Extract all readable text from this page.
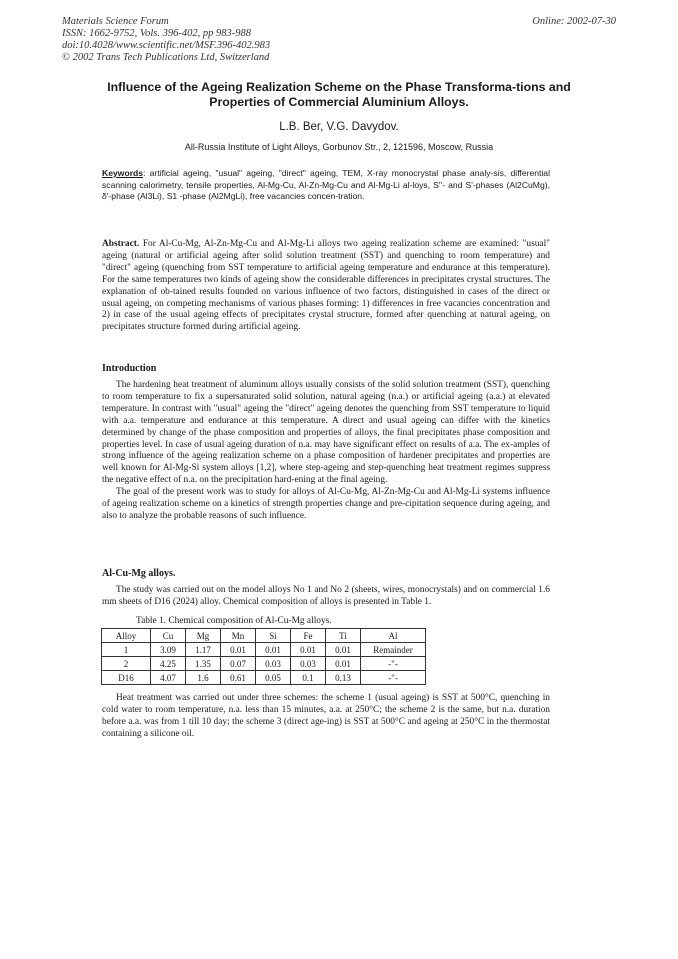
Materials Science Forum
ISSN: 1662-9752, Vols. 396-402, pp 983-988
doi:10.4028/www.scientific.net/MSF.396-402.983
© 2002 Trans Tech Publications Ltd, Switzerland
Online: 2002-07-30
Influence of the Ageing Realization Scheme on the Phase Transforma-tions and Properties of Commercial Aluminium Alloys.
L.B. Ber, V.G. Davydov.
All-Russia Institute of Light Alloys, Gorbunov Str., 2, 121596, Moscow, Russia
Keywords: artificial ageing, "usual" ageing, "direct" ageing, TEM, X-ray monocrystal phase analy-sis, differential scanning calorimetry, tensile properties, Al-Mg-Cu, Al-Zn-Mg-Cu and Al-Mg-Li al-loys, S''- and S'-phases (Al2CuMg), δ'-phase (Al3Li), S1 -phase (Al2MgLi), free vacancies concen-tration.

Abstract. For Al-Cu-Mg, Al-Zn-Mg-Cu and Al-Mg-Li alloys two ageing realization scheme are examined: "usual" ageing (natural or artificial ageing after solid solution treatment (SST) and quenching to room temperature) and "direct" ageing (quenching from SST temperature to artificial ageing temperature and endurance at this temperature). For the same temperatures two kinds of ageing show the considerable differences in precipitates crystal structures. The explanation of ob-tained results founded on various influence of two factors, distinguished in cases of the direct or usual ageing, on competing mechanisms of various phases forming: 1) differences in free vacancies concentration and 2) in case of the usual ageing effects of precipitates crystal structure, formed after quenching at natural ageing, on precipitates structure formed during artificial ageing.

Introduction

The hardening heat treatment of aluminum alloys usually consists of the solid solution treatment (SST), quenching to room temperature to fix a supersaturated solid solution, natural ageing (n.a.) or artificial ageing (a.a.) at elevated temperature. In contrast with "usual" ageing the "direct" ageing denotes the quenching from SST temperature to liquid with a.a. temperature and endurance at this temperature. A direct and usual ageing can differ with the kinetics determined by change of the phase composition and properties of alloys, the final precipitates phase composition and properties level. In case of usual ageing duration of n.a. may have significant effect on results of a.a. The ex-amples of strong influence of the ageing realization scheme on a phase composition of hardener precipitates and properties are well known for Al-Mg-Si system alloys [1,2], where step-ageing and step-quenching heat treatment regimes suppress the negative effect of n.a. on the precipitation hard-ening at the final ageing.

The goal of the present work was to study for alloys of Al-Cu-Mg, Al-Zn-Mg-Cu and Al-Mg-Li systems influence of ageing realization scheme on a kinetics of strength properties change and pre-cipitation sequence during ageing, and also to analyze the probable reasons of such influence.

Al-Cu-Mg alloys.

The study was carried out on the model alloys No 1 and No 2 (sheets, wires, monocrystals) and on commercial 1.6 mm sheets of D16 (2024) alloy. Chemical composition of alloys is presented in Table 1.

Table 1. Chemical composition of Al-Cu-Mg alloys.
Alloy	Cu	Mg	Mn	Si	Fe	Ti	Al
1	3.09	1.17	0.01	0.01	0.01	0.01	Remainder
2	4.25	1.35	0.07	0.03	0.03	0.01	-"-
D16	4.07	1.6	0.61	0.05	0.1	0.13	-"-

Heat treatment was carried out under three schemes: the scheme 1 (usual ageing) is SST at 500°C, quenching in cold water to room temperature, n.a. less than 15 minutes, a.a. at 250°C; the scheme 2 is the same, but n.a. duration before a.a. was from 1 till 10 day; the scheme 3 (direct age-ing) is SST at 500°C and ageing at 250°C in the thermostat containing a silicone oil.
